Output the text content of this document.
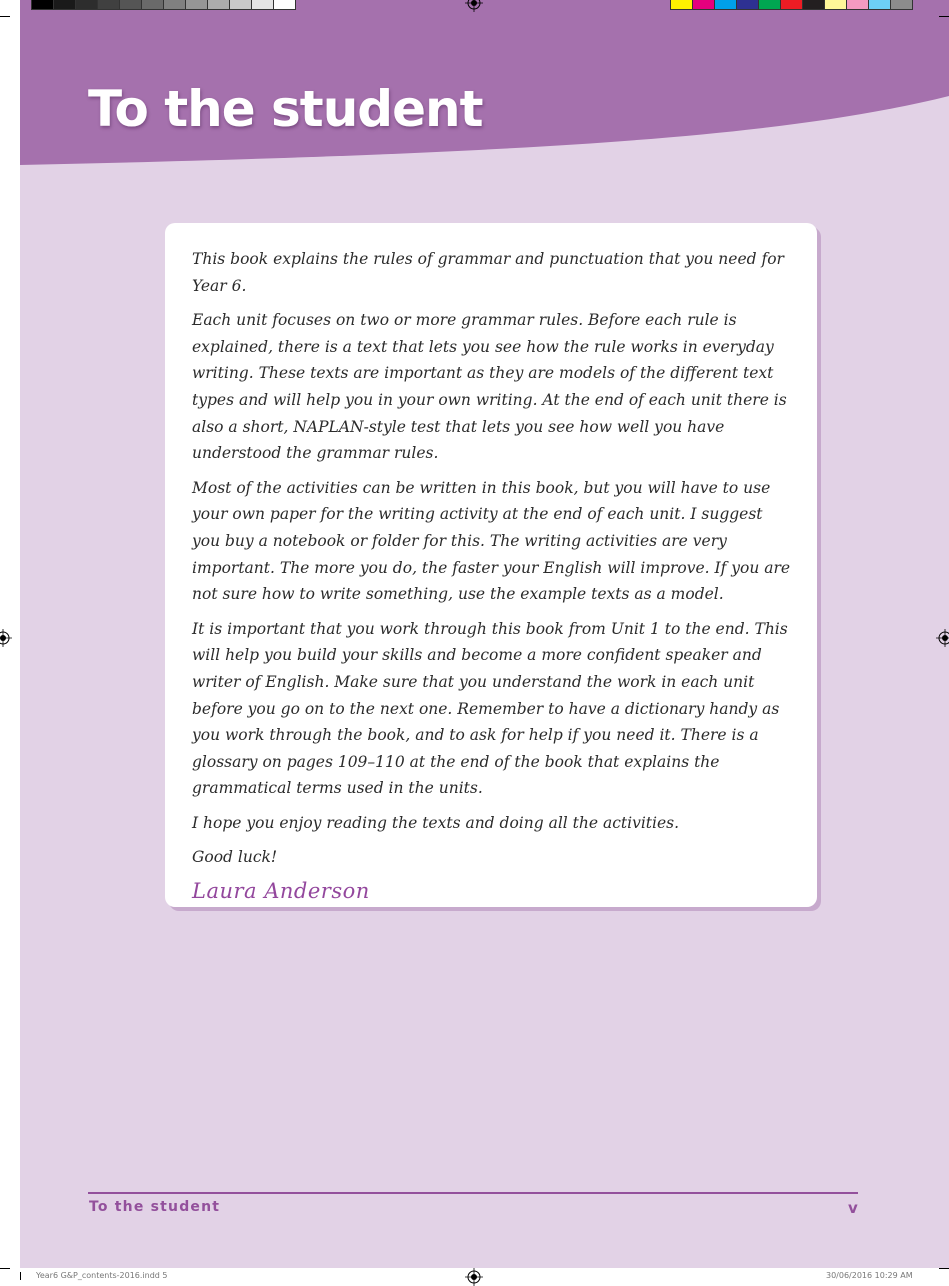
To the student

This book explains the rules of grammar and punctuation that you need for Year 6.

Each unit focuses on two or more grammar rules. Before each rule is explained, there is a text that lets you see how the rule works in everyday writing. These texts are important as they are models of the different text types and will help you in your own writing. At the end of each unit there is also a short, NAPLAN-style test that lets you see how well you have understood the grammar rules.

Most of the activities can be written in this book, but you will have to use your own paper for the writing activity at the end of each unit. I suggest you buy a notebook or folder for this. The writing activities are very important. The more you do, the faster your English will improve. If you are not sure how to write something, use the example texts as a model.

It is important that you work through this book from Unit 1 to the end. This will help you build your skills and become a more confident speaker and writer of English. Make sure that you understand the work in each unit before you go on to the next one. Remember to have a dictionary handy as you work through the book, and to ask for help if you need it. There is a glossary on pages 109–110 at the end of the book that explains the grammatical terms used in the units.

I hope you enjoy reading the texts and doing all the activities.

Good luck!

Laura Anderson
To the student	v
Year6 G&P_contents-2016.indd 5	30/06/2016 10:29 AM
